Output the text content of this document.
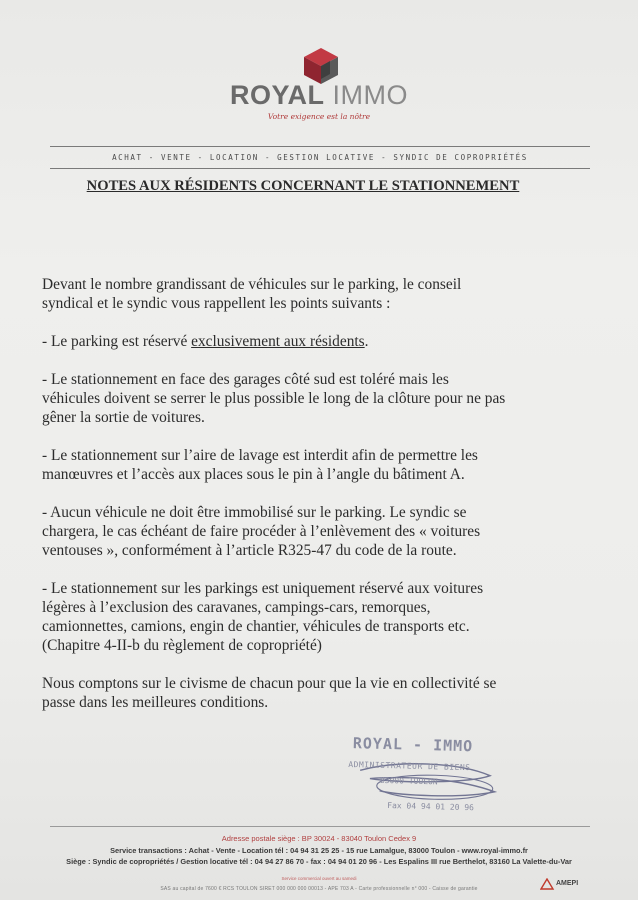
ROYAL IMMO
Votre exigence est la nôtre
ACHAT - VENTE - LOCATION - GESTION LOCATIVE - SYNDIC DE COPROPRIÉTÉS
NOTES AUX RÉSIDENTS CONCERNANT LE STATIONNEMENT

Devant le nombre grandissant de véhicules sur le parking, le conseil
syndical et le syndic vous rappellent les points suivants :

- Le parking est réservé exclusivement aux résidents.

- Le stationnement en face des garages côté sud est toléré mais les
véhicules doivent se serrer le plus possible le long de la clôture pour ne pas
gêner la sortie de voitures.

- Le stationnement sur l’aire de lavage est interdit afin de permettre les
manœuvres et l’accès aux places sous le pin à l’angle du bâtiment A.

- Aucun véhicule ne doit être immobilisé sur le parking. Le syndic se
chargera, le cas échéant de faire procéder à l’enlèvement des « voitures
ventouses », conformément à l’article R325-47 du code de la route.

- Le stationnement sur les parkings est uniquement réservé aux voitures
légères à l’exclusion des caravanes, campings-cars, remorques,
camionnettes, camions, engin de chantier, véhicules de transports etc.
(Chapitre 4-II-b du règlement de copropriété)

Nous comptons sur le civisme de chacun pour que la vie en collectivité se
passe dans les meilleures conditions.

ROYAL - IMMO
ADMINISTRATEUR DE BIENS
83000 TOULON
Fax 04 94 01 20 96
Adresse postale siège : BP 30024 - 83040 Toulon Cedex 9
Service transactions : Achat - Vente - Location tél : 04 94 31 25 25 - 15 rue Lamalgue, 83000 Toulon - www.royal-immo.fr
Siège : Syndic de copropriétés / Gestion locative tél : 04 94 27 86 70 - fax : 04 94 01 20 96 - Les Espalins III rue Berthelot, 83160 La Valette-du-Var
Service commercial ouvert au samedi
SAS au capital de 7600 € RCS TOULON SIRET 000 000 000 00013 - APE 703 A - Carte professionnelle n° 000 - Caisse de garantie
AMEPI
